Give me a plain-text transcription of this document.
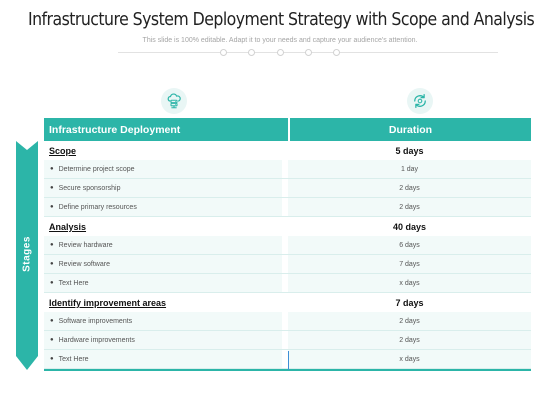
Infrastructure System Deployment Strategy with Scope and Analysis
This slide is 100% editable. Adapt it to your needs and capture your audience's attention.
Stages
Infrastructure Deployment	Duration
Scope	5 days
● Determine project scope	1 day
● Secure sponsorship	2 days
● Define primary resources	2 days
Analysis	40 days
● Review hardware	6 days
● Review software	7 days
● Text Here	x days
Identify improvement areas	7 days
● Software improvements	2 days
● Hardware improvements	2 days
● Text Here	x days
